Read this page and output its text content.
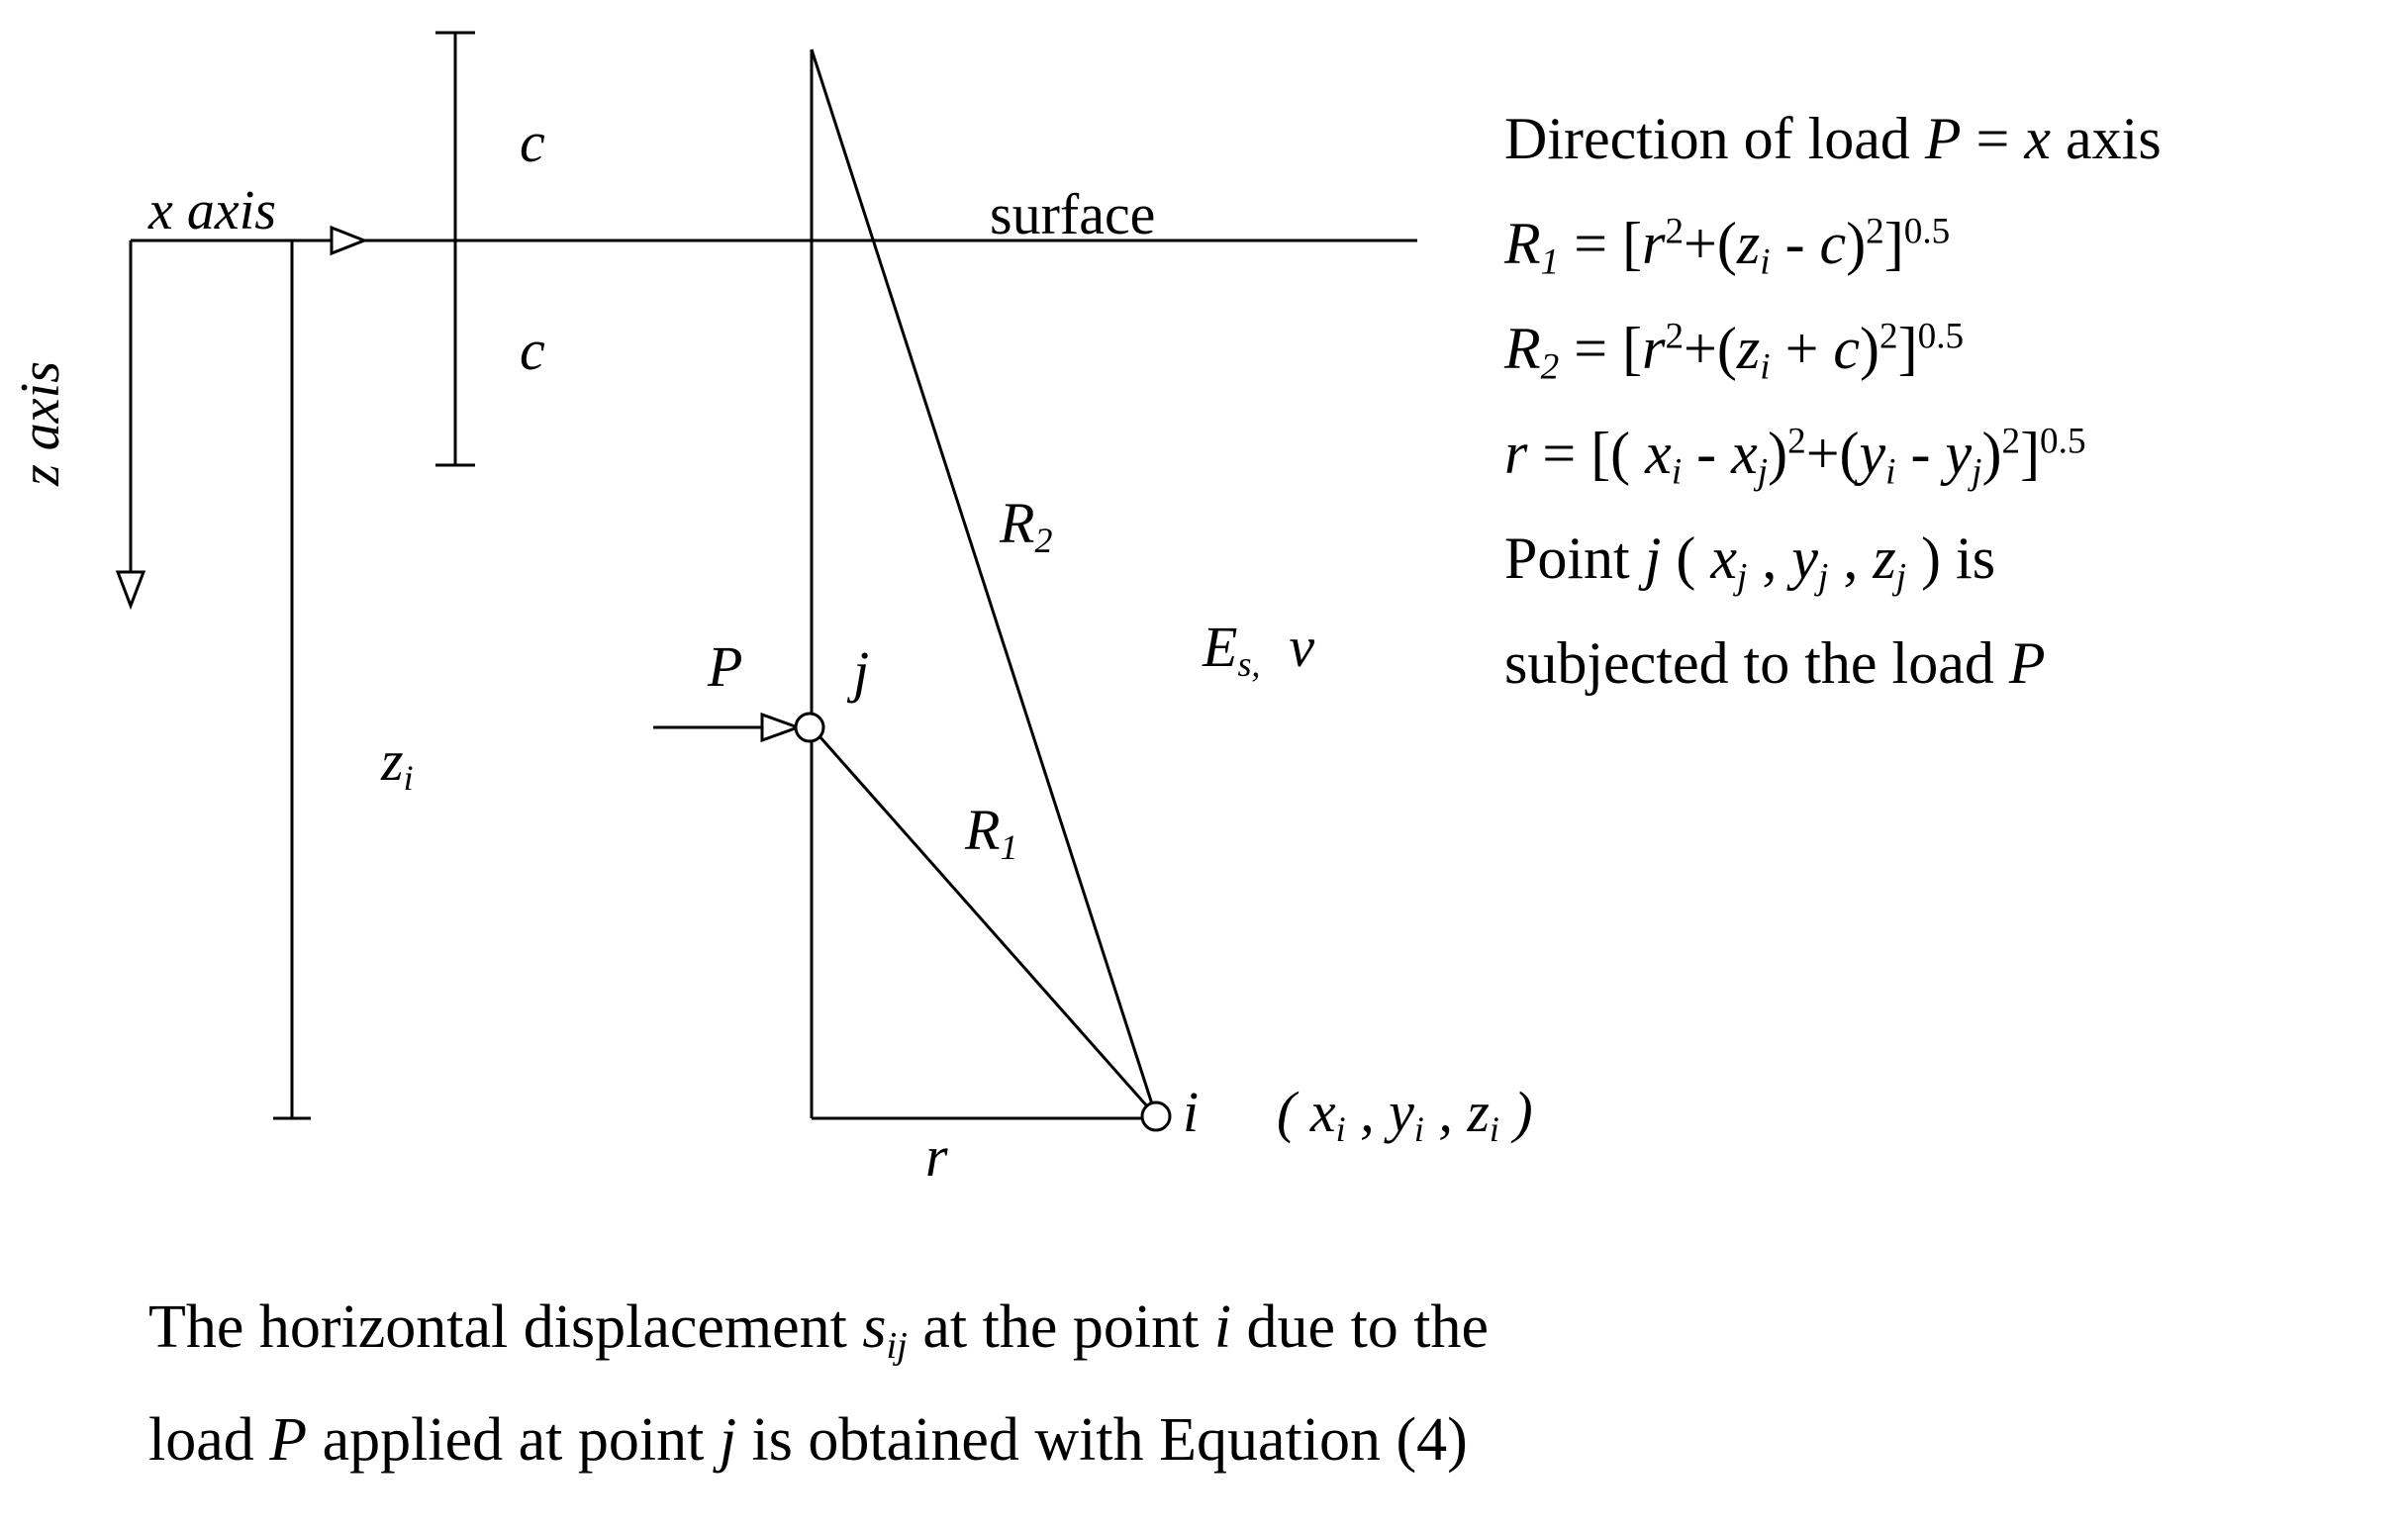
x axis
z axis
c
c
$z_i$
surface
$R_2$
$R_1$
P j
i
r
$E_{s,}$ ν
( $x_i$ , $y_i$ , $z_i$ )
Direction of load P = x axis
$R_1 = [r^2+(z_i - c)^2]^{0.5}$
$R_2 = [r^2+(z_i + c)^2]^{0.5}$
r = [( $x_i - x_j)^2+(y_i - y_j)^2]^{0.5}$
Point j ( $x_j$ , $y_j$ , $z_j$ ) is
subjected to the load P
The horizontal displacement $s_{ij}$ at the point i due to the
load P applied at point j is obtained with Equation (4)
